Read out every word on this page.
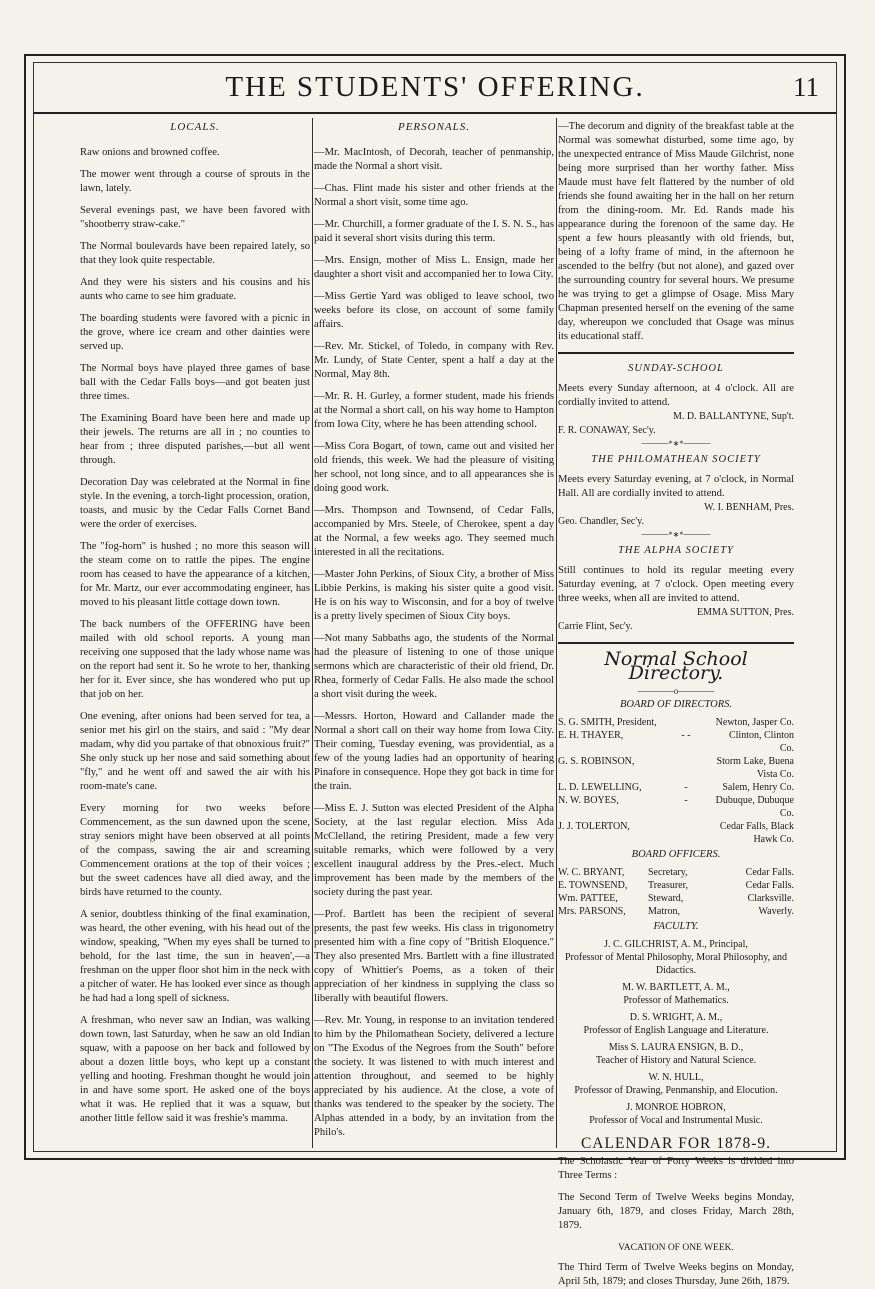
THE STUDENTS' OFFERING.	11
LOCALS.

Raw onions and browned coffee.

The mower went through a course of sprouts in the lawn, lately.

Several evenings past, we have been favored with "shootberry straw-cake."

The Normal boulevards have been repaired lately, so that they look quite respectable.

And they were his sisters and his cousins and his aunts who came to see him graduate.

The boarding students were favored with a picnic in the grove, where ice cream and other dainties were served up.

The Normal boys have played three games of base ball with the Cedar Falls boys—and got beaten just three times.

The Examining Board have been here and made up their jewels. The returns are all in ; no counties to hear from ; three disputed parishes,—but all went through.

Decoration Day was celebrated at the Normal in fine style. In the evening, a torch-light procession, oration, toasts, and music by the Cedar Falls Cornet Band were the order of exercises.

The "fog-horn" is hushed ; no more this season will the steam come on to rattle the pipes. The engine room has ceased to have the appearance of a kitchen, for Mr. Martz, our ever accommodating engineer, has moved to his pleasant little cottage down town.

The back numbers of the OFFERING have been mailed with old school reports. A young man receiving one supposed that the lady whose name was on the report had sent it. So he wrote to her, thanking her for it. Ever since, she has wondered who put up that job on her.

One evening, after onions had been served for tea, a senior met his girl on the stairs, and said : "My dear madam, why did you partake of that obnoxious fruit?" She only stuck up her nose and said something about "fly," and he went off and sawed the air with his room-mate's cane.

Every morning for two weeks before Commencement, as the sun dawned upon the scene, stray seniors might have been observed at all points of the compass, sawing the air and screaming Commencement orations at the top of their voices ; but the sweet cadences have all died away, and the birds have returned to the county.

A senior, doubtless thinking of the final examination, was heard, the other evening, with his head out of the window, speaking, "When my eyes shall be turned to behold, for the last time, the sun in heaven',—a freshman on the upper floor shot him in the neck with a pitcher of water. He has looked ever since as though he had had a long spell of sickness.

A freshman, who never saw an Indian, was walking down town, last Saturday, when he saw an old Indian squaw, with a papoose on her back and followed by about a dozen little boys, who kept up a constant yelling and hooting. Freshman thought he would join in and have some sport. He asked one of the boys what it was. He replied that it was a squaw, but another little fellow said it was freshie's mamma.

PERSONALS.

—Mr. MacIntosh, of Decorah, teacher of penmanship, made the Normal a short visit.

—Chas. Flint made his sister and other friends at the Normal a short visit, some time ago.

—Mr. Churchill, a former graduate of the I. S. N. S., has paid it several short visits during this term.

—Mrs. Ensign, mother of Miss L. Ensign, made her daughter a short visit and accompanied her to Iowa City.

—Miss Gertie Yard was obliged to leave school, two weeks before its close, on account of some family affairs.

—Rev. Mr. Stickel, of Toledo, in company with Rev. Mr. Lundy, of State Center, spent a half a day at the Normal, May 8th.

—Mr. R. H. Gurley, a former student, made his friends at the Normal a short call, on his way home to Hampton from Iowa City, where he has been attending school.

—Miss Cora Bogart, of town, came out and visited her old friends, this week. We had the pleasure of visiting her school, not long since, and to all appearances she is doing good work.

—Mrs. Thompson and Townsend, of Cedar Falls, accompanied by Mrs. Steele, of Cherokee, spent a day at the Normal, a few weeks ago. They seemed much interested in all the recitations.

—Master John Perkins, of Sioux City, a brother of Miss Libbie Perkins, is making his sister quite a good visit. He is on his way to Wisconsin, and for a boy of twelve is a pretty lively specimen of Sioux City boys.

—Not many Sabbaths ago, the students of the Normal had the pleasure of listening to one of those unique sermons which are characteristic of their old friend, Dr. Rhea, formerly of Cedar Falls. He also made the school a short visit during the week.

—Messrs. Horton, Howard and Callander made the Normal a short call on their way home from Iowa City. Their coming, Tuesday evening, was providential, as a few of the young ladies had an opportunity of hearing Pinafore in consequence. Hope they got back in time for the train.

—Miss E. J. Sutton was elected President of the Alpha Society, at the last regular election. Miss Ada McClelland, the retiring President, made a few very suitable remarks, which were followed by a very excellent inaugural address by the Pres.-elect. Much improvement has been made by the members of the society during the past year.

—Prof. Bartlett has been the recipient of several presents, the past few weeks. His class in trigonometry presented him with a fine copy of "British Eloquence." They also presented Mrs. Bartlett with a fine illustrated copy of Whittier's Poems, as a token of their appreciation of her kindness in supplying the class so liberally with beautiful flowers.

—Rev. Mr. Young, in response to an invitation tendered to him by the Philomathean Society, delivered a lecture on "The Exodus of the Negroes from the South" before the society. It was listened to with much interest and attention throughout, and seemed to be highly appreciated by his audience. At the close, a vote of thanks was tendered to the speaker by the society. The Alphas attended in a body, by an invitation from the Philo's.

—The decorum and dignity of the breakfast table at the Normal was somewhat disturbed, some time ago, by the unexpected entrance of Miss Maude Gilchrist, none being more surprised than her worthy father. Miss Maude must have felt flattered by the number of old friends she found awaiting her in the hall on her return from the dining-room. Mr. Ed. Rands made his appearance during the forenoon of the same day. He spent a few hours pleasantly with old friends, but, being of a lofty frame of mind, in the afternoon he ascended to the belfry (but not alone), and gazed over the surrounding country for several hours. We presume he was trying to get a glimpse of Osage. Miss Mary Chapman presented herself on the evening of the same day, whereupon we concluded that Osage was minus its educational staff.

SUNDAY-SCHOOL

Meets every Sunday afternoon, at 4 o'clock. All are cordially invited to attend.

M. D. BALLANTYNE, Sup't.
F. R. CONAWAY, Sec'y.
———*∗*———
THE PHILOMATHEAN SOCIETY

Meets every Saturday evening, at 7 o'clock, in Normal Hall. All are cordially invited to attend.

W. I. BENHAM, Pres.
Geo. Chandler, Sec'y.
———*∗*———
THE ALPHA SOCIETY

Still continues to hold its regular meeting every Saturday evening, at 7 o'clock. Open meeting every three weeks, when all are invited to attend.

EMMA SUTTON, Pres.
Carrie Flint, Sec'y.
Normal School Directory.
————o————
BOARD OF DIRECTORS.
S. G. SMITH, President,	Newton, Jasper Co.
E. H. THAYER,	- -	Clinton, Clinton Co.
G. S. ROBINSON,	Storm Lake, Buena Vista Co.
L. D. LEWELLING,	-	Salem, Henry Co.
N. W. BOYES,	-	Dubuque, Dubuque Co.
J. J. TOLERTON,	Cedar Falls, Black Hawk Co.
BOARD OFFICERS.
W. C. BRYANT,	Secretary,	Cedar Falls.
E. TOWNSEND,	Treasurer,	Cedar Falls.
Wm. PATTEE,	Steward,	Clarksville.
Mrs. PARSONS,	Matron,	Waverly.
FACULTY.
J. C. GILCHRIST, A. M., Principal,
Professor of Mental Philosophy, Moral Philosophy, and Didactics.
M. W. BARTLETT, A. M.,
Professor of Mathematics.
D. S. WRIGHT, A. M.,
Professor of English Language and Literature.
Miss S. LAURA ENSIGN, B. D.,
Teacher of History and Natural Science.
W. N. HULL,
Professor of Drawing, Penmanship, and Elocution.
J. MONROE HOBRON,
Professor of Vocal and Instrumental Music.
CALENDAR FOR 1878-9.

The Scholastic Year of Forty Weeks is divided into Three Terms :

The Second Term of Twelve Weeks begins Monday, January 6th, 1879, and closes Friday, March 28th, 1879.

VACATION OF ONE WEEK.

The Third Term of Twelve Weeks begins on Monday, April 5th, 1879; and closes Thursday, June 26th, 1879.
